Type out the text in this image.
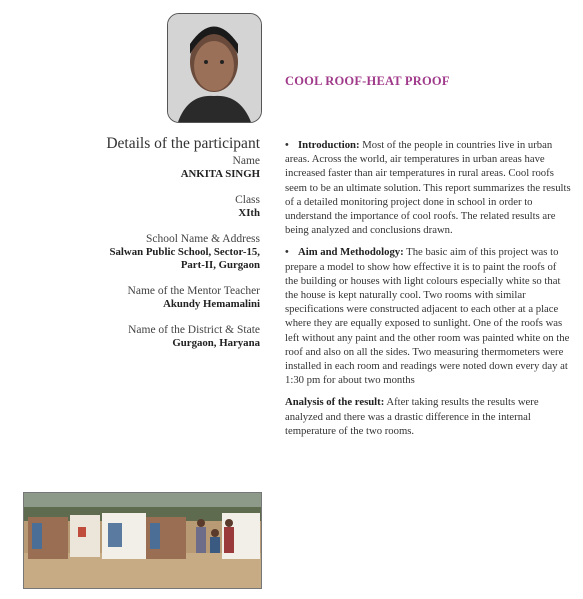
COOL ROOF-HEAT PROOF
Details of the participant
Name
ANKITA SINGH
Class
XIth
School Name & Address
Salwan Public School, Sector-15,
Part-II, Gurgaon
Name of the Mentor Teacher
Akundy Hemamalini
Name of the District & State
Gurgaon, Haryana

• Introduction: Most of the people in countries live in urban areas. Across the world, air temperatures in urban areas have increased faster than air temperatures in rural areas. Cool roofs seem to be an ultimate solution. This report summarizes the results of a detailed monitoring project done in school in order to understand the importance of cool roofs. The related results are being analyzed and conclusions drawn.

• Aim and Methodology: The basic aim of this project was to prepare a model to show how effective it is to paint the roofs of the building or houses with light colours especially white so that the house is kept naturally cool. Two rooms with similar specifications were constructed adjacent to each other at a place where they are equally exposed to sunlight. One of the roofs was left without any paint and the other room was painted white on the roof and also on all the sides. Two measuring thermometers were installed in each room and readings were noted down every day at 1:30 pm for about two months

Analysis of the result: After taking results the results were analyzed and there was a drastic difference in the internal temperature of the two rooms.
